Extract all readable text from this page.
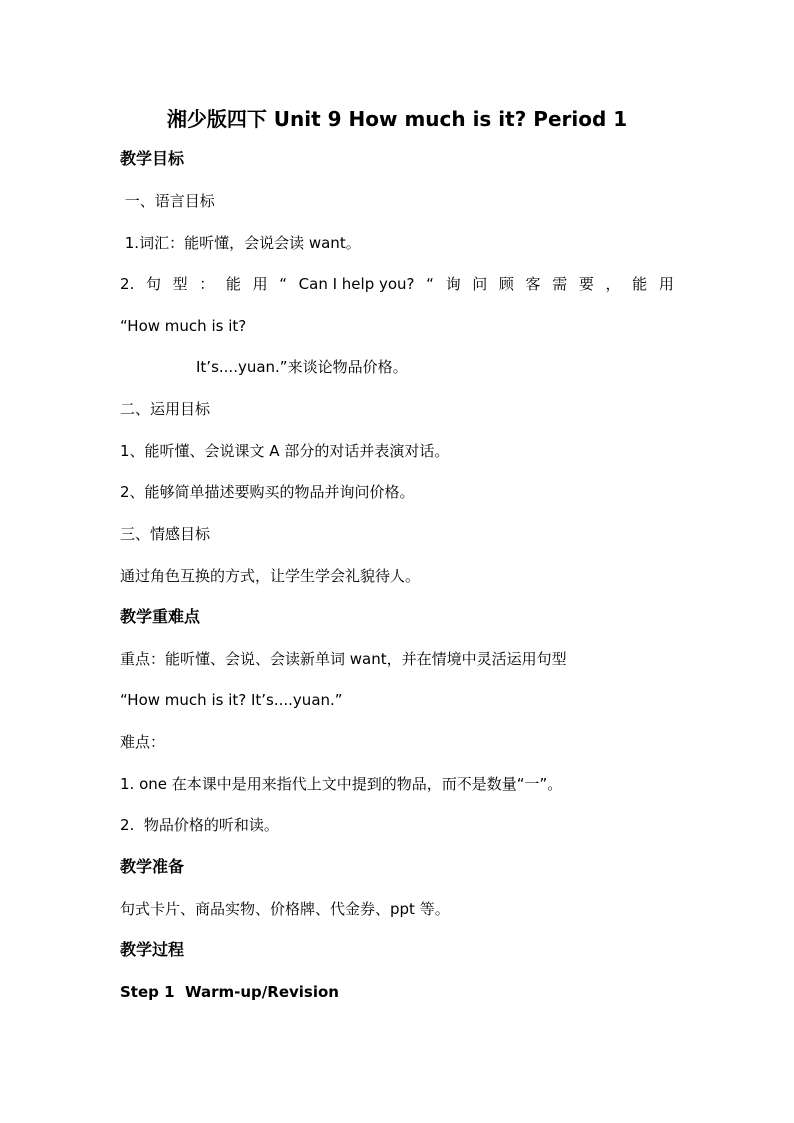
湘少版四下 Unit 9 How much is it? Period 1
教学目标
一、语言目标
1.词汇：能听懂，会说会读 want。
2. 句 型 ： 能 用 “ Can I help you? “ 询 问 顾 客 需 要 ， 能 用
“How much is it?
It’s....yuan.”来谈论物品价格。
二、运用目标
1、能听懂、会说课文 A 部分的对话并表演对话。
2、能够简单描述要购买的物品并询问价格。
三、情感目标
通过角色互换的方式，让学生学会礼貌待人。
教学重难点
重点：能听懂、会说、会读新单词 want，并在情境中灵活运用句型
“How much is it? It’s....yuan.”
难点：
1. one 在本课中是用来指代上文中提到的物品，而不是数量“一”。
2.  物品价格的听和读。
教学准备
句式卡片、商品实物、价格牌、代金券、ppt 等。
教学过程
Step 1  Warm-up/Revision
